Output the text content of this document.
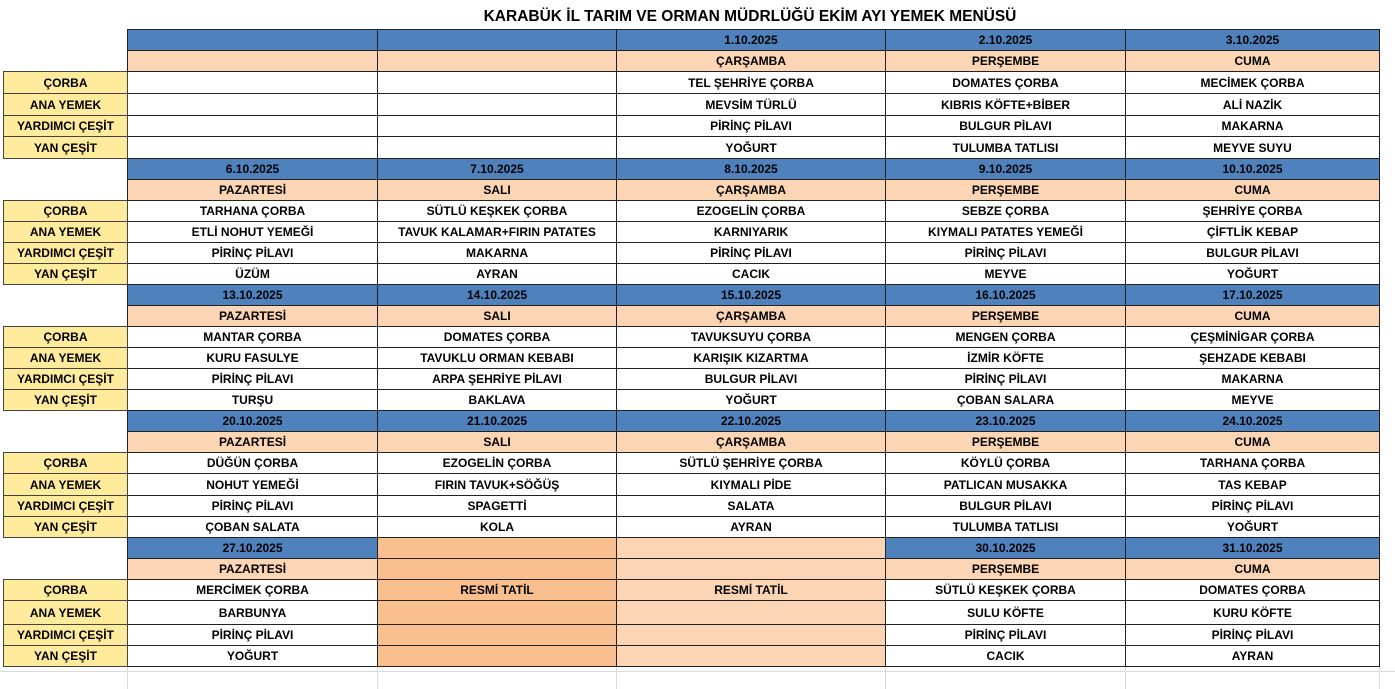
KARABÜK İL TARIM VE ORMAN MÜDRLÜĞÜ EKİM AYI YEMEK MENÜSÜ
			1.10.2025	2.10.2025	3.10.2025
			ÇARŞAMBA	PERŞEMBE	CUMA
ÇORBA			TEL ŞEHRİYE ÇORBA	DOMATES ÇORBA	MECİMEK ÇORBA
ANA YEMEK			MEVSİM TÜRLÜ	KIBRIS KÖFTE+BİBER	ALİ NAZİK
YARDIMCI ÇEŞİT			PİRİNÇ PİLAVI	BULGUR PİLAVI	MAKARNA
YAN ÇEŞİT			YOĞURT	TULUMBA TATLISI	MEYVE SUYU
	6.10.2025	7.10.2025	8.10.2025	9.10.2025	10.10.2025
	PAZARTESİ	SALI	ÇARŞAMBA	PERŞEMBE	CUMA
ÇORBA	TARHANA ÇORBA	SÜTLÜ KEŞKEK ÇORBA	EZOGELİN ÇORBA	SEBZE ÇORBA	ŞEHRİYE ÇORBA
ANA YEMEK	ETLİ NOHUT YEMEĞİ	TAVUK KALAMAR+FIRIN PATATES	KARNIYARIK	KIYMALI PATATES YEMEĞİ	ÇİFTLİK KEBAP
YARDIMCI ÇEŞİT	PİRİNÇ PİLAVI	MAKARNA	PİRİNÇ PİLAVI	PİRİNÇ PİLAVI	BULGUR PİLAVI
YAN ÇEŞİT	ÜZÜM	AYRAN	CACIK	MEYVE	YOĞURT
	13.10.2025	14.10.2025	15.10.2025	16.10.2025	17.10.2025
	PAZARTESİ	SALI	ÇARŞAMBA	PERŞEMBE	CUMA
ÇORBA	MANTAR ÇORBA	DOMATES ÇORBA	TAVUKSUYU ÇORBA	MENGEN ÇORBA	ÇEŞMİNİGAR ÇORBA
ANA YEMEK	KURU FASULYE	TAVUKLU ORMAN KEBABI	KARIŞIK KIZARTMA	İZMİR KÖFTE	ŞEHZADE KEBABI
YARDIMCI ÇEŞİT	PİRİNÇ PİLAVI	ARPA ŞEHRİYE PİLAVI	BULGUR PİLAVI	PİRİNÇ PİLAVI	MAKARNA
YAN ÇEŞİT	TURŞU	BAKLAVA	YOĞURT	ÇOBAN SALARA	MEYVE
	20.10.2025	21.10.2025	22.10.2025	23.10.2025	24.10.2025
	PAZARTESİ	SALI	ÇARŞAMBA	PERŞEMBE	CUMA
ÇORBA	DÜĞÜN ÇORBA	EZOGELİN ÇORBA	SÜTLÜ ŞEHRİYE ÇORBA	KÖYLÜ ÇORBA	TARHANA ÇORBA
ANA YEMEK	NOHUT YEMEĞİ	FIRIN TAVUK+SÖĞÜŞ	KIYMALI PİDE	PATLICAN MUSAKKA	TAS KEBAP
YARDIMCI ÇEŞİT	PİRİNÇ PİLAVI	SPAGETTİ	SALATA	BULGUR PİLAVI	PİRİNÇ PİLAVI
YAN ÇEŞİT	ÇOBAN SALATA	KOLA	AYRAN	TULUMBA TATLISI	YOĞURT
	27.10.2025			30.10.2025	31.10.2025
	PAZARTESİ			PERŞEMBE	CUMA
ÇORBA	MERCİMEK ÇORBA	RESMİ TATİL	RESMİ TATİL	SÜTLÜ KEŞKEK ÇORBA	DOMATES ÇORBA
ANA YEMEK	BARBUNYA			SULU KÖFTE	KURU KÖFTE
YARDIMCI ÇEŞİT	PİRİNÇ PİLAVI			PİRİNÇ PİLAVI	PİRİNÇ PİLAVI
YAN ÇEŞİT	YOĞURT			CACIK	AYRAN
